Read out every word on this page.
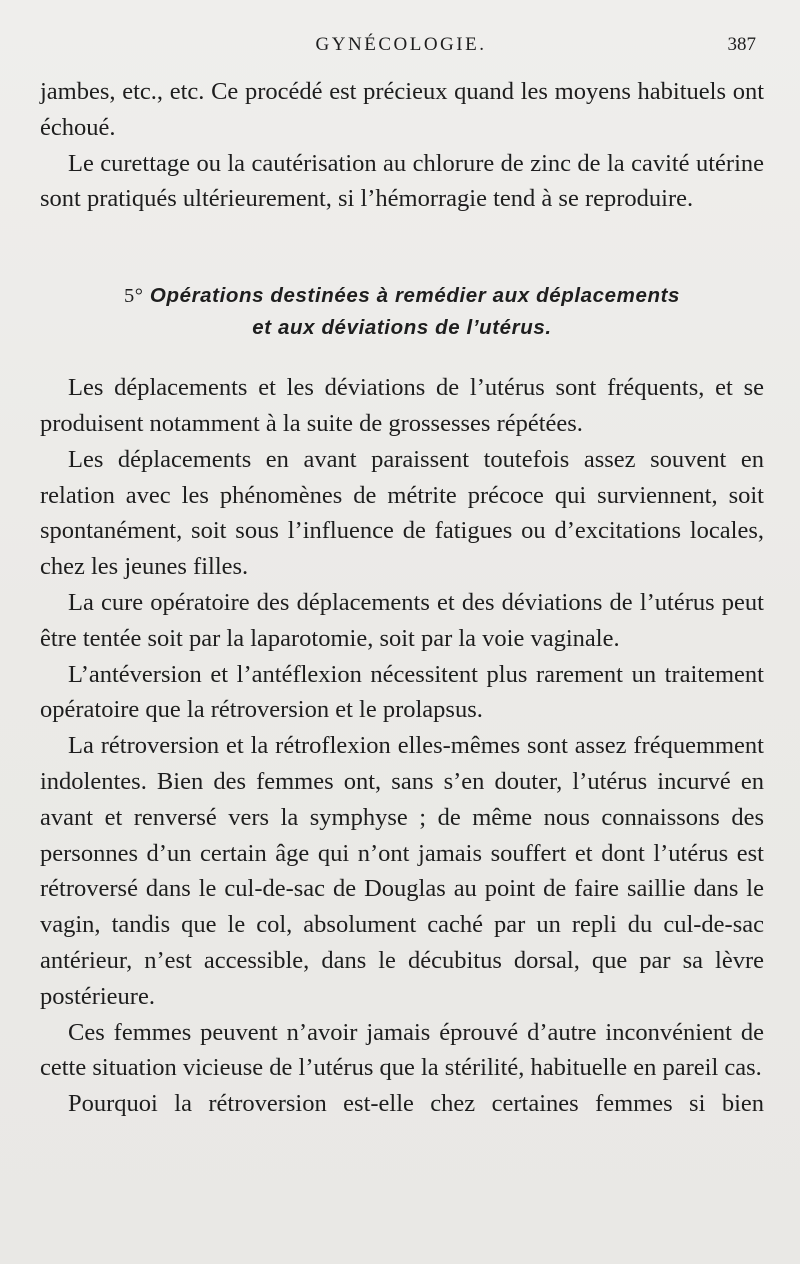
GYNÉCOLOGIE.	387

jambes, etc., etc. Ce procédé est précieux quand les moyens habituels ont échoué.

Le curettage ou la cautérisation au chlorure de zinc de la cavité utérine sont pratiqués ultérieurement, si l’hémorragie tend à se reproduire.

5° Opérations destinées à remédier aux déplacements
et aux déviations de l’utérus.

Les déplacements et les déviations de l’utérus sont fréquents, et se produisent notamment à la suite de grossesses répétées.

Les déplacements en avant paraissent toutefois assez souvent en relation avec les phénomènes de métrite précoce qui surviennent, soit spontanément, soit sous l’influence de fatigues ou d’excitations locales, chez les jeunes filles.

La cure opératoire des déplacements et des déviations de l’utérus peut être tentée soit par la laparotomie, soit par la voie vaginale.

L’antéversion et l’antéflexion nécessitent plus rarement un traitement opératoire que la rétroversion et le prolapsus.

La rétroversion et la rétroflexion elles-mêmes sont assez fréquemment indolentes. Bien des femmes ont, sans s’en douter, l’utérus incurvé en avant et renversé vers la symphyse ; de même nous connaissons des personnes d’un certain âge qui n’ont jamais souffert et dont l’utérus est rétroversé dans le cul-de-sac de Douglas au point de faire saillie dans le vagin, tandis que le col, absolument caché par un repli du cul-de-sac antérieur, n’est accessible, dans le décubitus dorsal, que par sa lèvre postérieure.

Ces femmes peuvent n’avoir jamais éprouvé d’autre inconvénient de cette situation vicieuse de l’utérus que la stérilité, habituelle en pareil cas.

Pourquoi la rétroversion est-elle chez certaines femmes si bien
